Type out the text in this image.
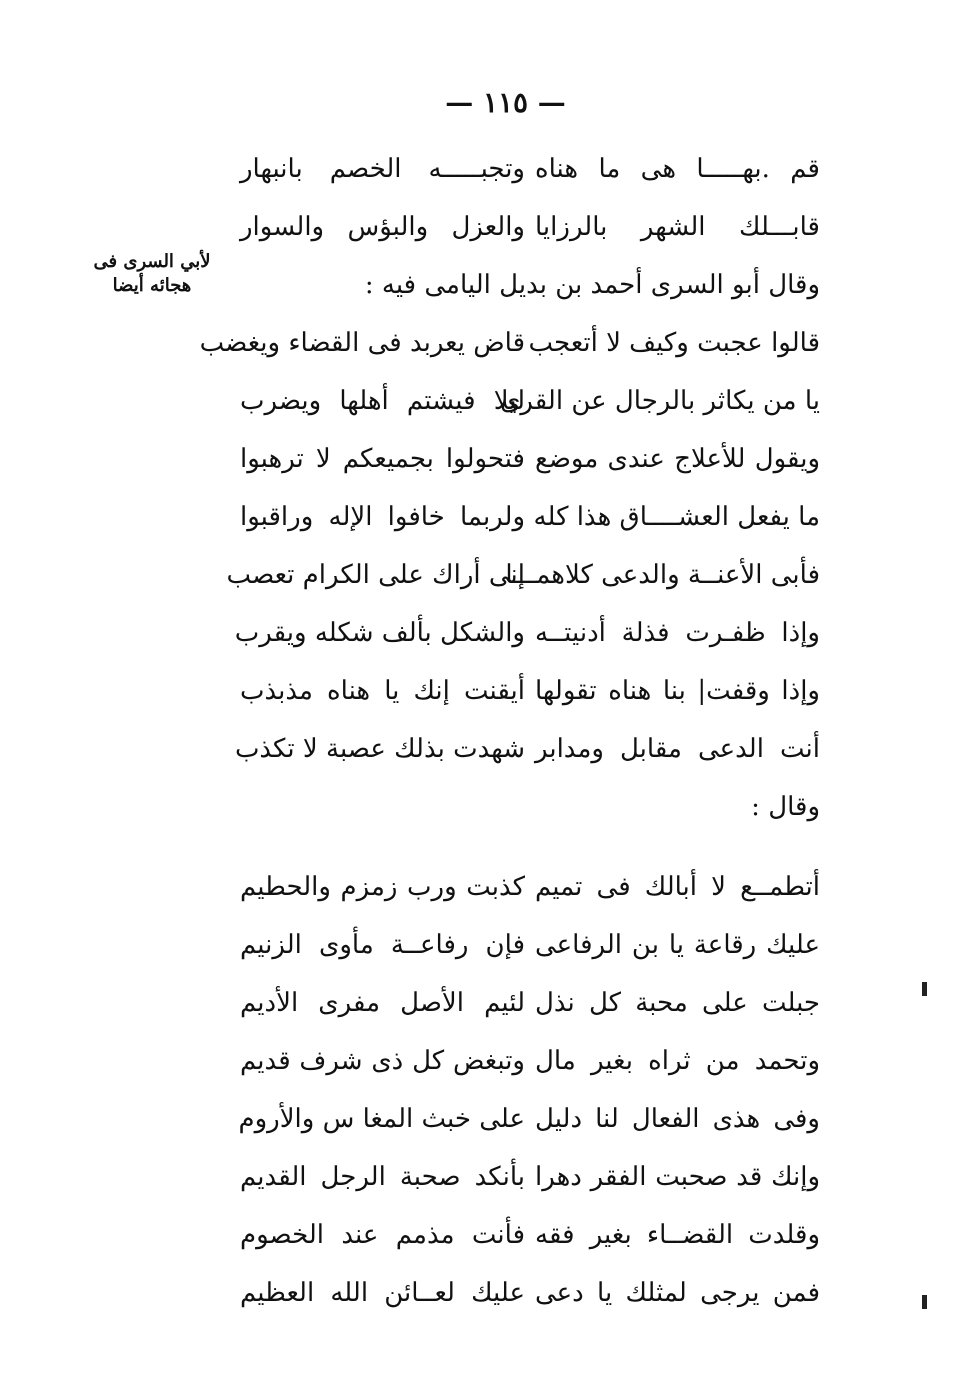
— ١١٥ —
لأبي السرى فى
هجائه أيضا
قم .بهـــــا هى ما هناه
وتجبـــــه الخصم بانبهار
قابـــلك الشهر بالرزايا
والعزل والبؤس والسوار
وقال أبو السرى أحمد بن بديل اليامى فيه :
قالوا عجبت وكيف لا أتعجب
قاض يعربد فى القضاء ويغضب
يا من يكاثر بالرجال عن القرى
ليلا فيشتم أهلها ويضرب
ويقول للأعلاج عندى موضع
فتحولوا بجميعكم لا ترهبوا
ما يفعل العشــــاق هذا كله
ولربما خافوا الإله وراقبوا
فأبى الأعنــة والدعى كلاهمـــا
إنى أراك على الكرام تعصب
وإذا ظفـرت فذلة أدنيتــه
والشكل بألف شكله ويقرب
وإذا وقفت| بنا هناه تقولها
أيقنت إنك يا هناه مذبذب
أنت الدعى مقابل ومدابر
شهدت بذلك عصبة لا تكذب
وقال :
أتطمــع لا أبالك فى تميم
كذبت ورب زمزم والحطيم
عليك رقاعة يا بن الرفاعى
فإن رفاعــة مأوى الزنيم
جبلت على محبة كل نذل
لئيم الأصل مفرى الأديم
وتحمد من ثراه بغير مال
وتبغض كل ذى شرف قديم
وفى هذى الفعال لنا دليل
على خبث المغا س والأروم
وإنك قد صحبت الفقر دهرا
بأنكد صحبة الرجل القديم
وقلدت القضــاء بغير فقه
فأنت مذمم عند الخصوم
فمن يرجى لمثلك يا دعى
عليك لعــائن الله العظيم
